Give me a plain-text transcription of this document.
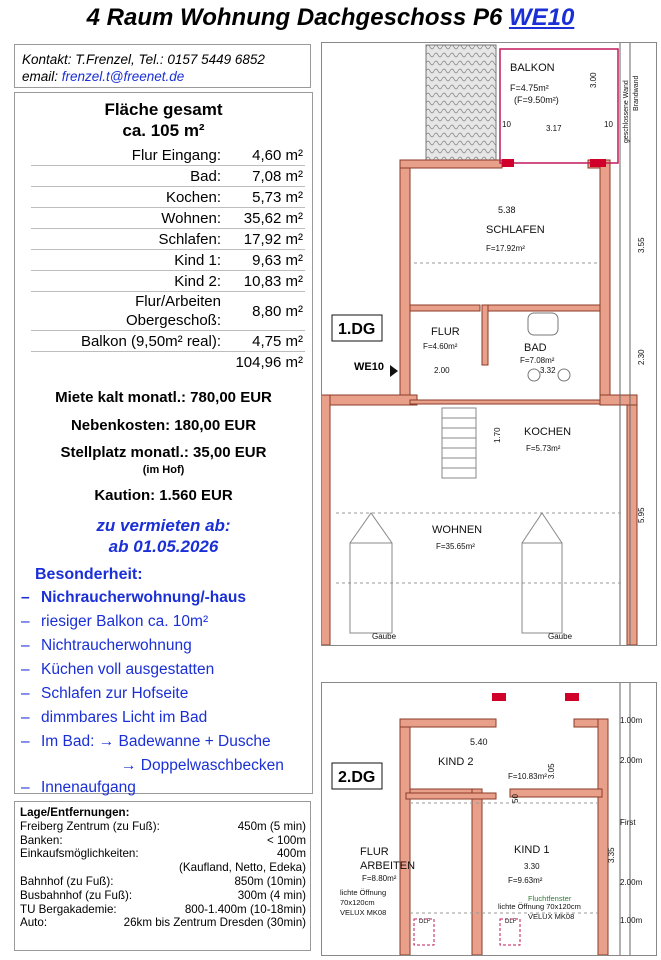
4 Raum Wohnung Dachgeschoss P6 WE10
Kontakt: T.Frenzel, Tel.: 0157 5449 6852
email: frenzel.t@freenet.de
Fläche gesamt
ca. 105 m²
Flur Eingang:	4,60 m²
Bad:	7,08 m²
Kochen:	5,73 m²
Wohnen:	35,62 m²
Schlafen:	17,92 m²
Kind 1:	9,63 m²
Kind 2:	10,83 m²
Flur/Arbeiten
Obergeschoß:	8,80 m²
Balkon (9,50m² real):	4,75 m²
	104,96 m²
Miete kalt monatl.: 780,00 EUR
Nebenkosten: 180,00 EUR
Stellplatz monatl.: 35,00 EUR
(im Hof)
Kaution: 1.560 EUR
zu vermieten ab:
ab 01.05.2026
Besonderheit:
– Nichraucherwohnung/-haus
– riesiger Balkon ca. 10m²
– Nichtraucherwohnung
– Küchen voll ausgestatten
– Schlafen zur Hofseite
– dimmbares Licht im Bad
– Im Bad: → Badewanne + Dusche
→ Doppelwaschbecken
– Innenaufgang
Lage/Entfernungen:
Freiberg Zentrum (zu Fuß):	450m (5 min)
Banken:	< 100m
Einkaufsmöglichkeiten:	400m
(Kaufland, Netto, Edeka)
Bahnhof (zu Fuß):	850m (10min)
Busbahnhof (zu Fuß):	300m (4 min)
TU Bergakademie:	800-1.400m (10-18min)
Auto:	26km bis Zentrum Dresden (30min)
BALKON
F=4.75m²
(F=9.50m²)
3.17
10	10
3.00
5.38
SCHLAFEN
F=17.92m²
FLUR
F=4.60m²
2.00
BAD
F=7.08m²
3.32
KOCHEN
F=5.73m²
1.70
WOHNEN
F=35.65m²
Gaube	Gaube
3.55
2.30
5.95
geschlossene Wand Brandwand
1.DG
WE10
5.40
KIND 2
F=10.83m² 3.05
50
FLUR
ARBEITEN
F=8.80m²
KIND 1
3.30
F=9.63m²
lichte Öffnung
70x120cm
VELUX MK08
Fluchtfenster
lichte Öffnung 70x120cm
VELUX MK08
DLF	DLF
1.00m
2.00m
First
2.00m
1.00m
3.35
2.DG
